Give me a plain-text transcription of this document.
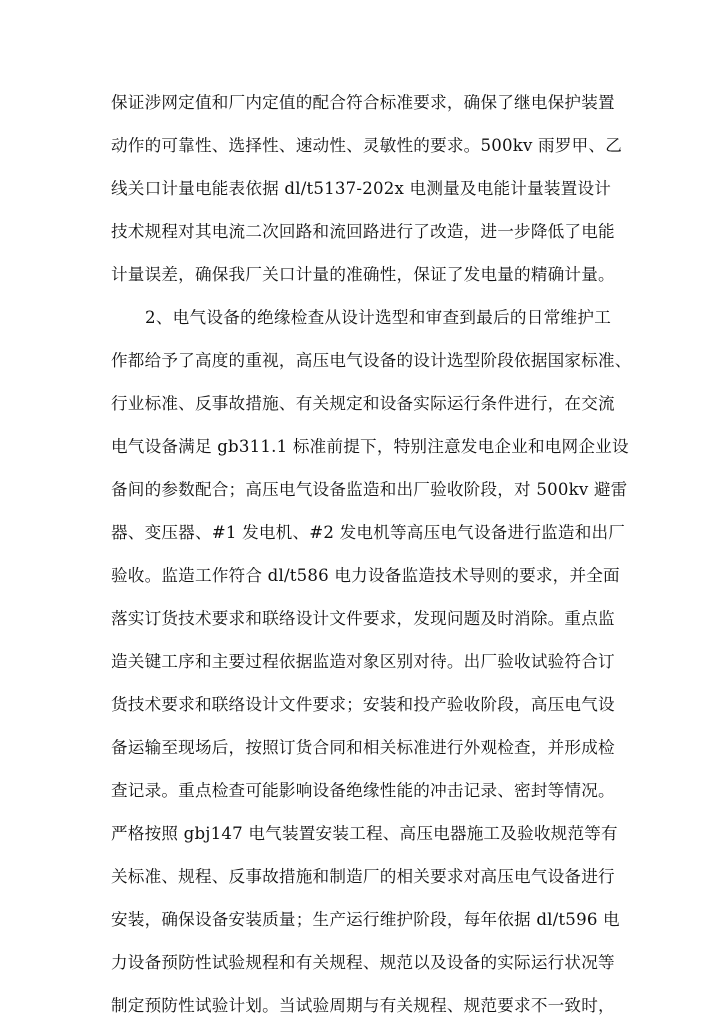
保证涉网定值和厂内定值的配合符合标准要求，确保了继电保护装置
动作的可靠性、选择性、速动性、灵敏性的要求。500kv 雨罗甲、乙
线关口计量电能表依据 dl/t5137-202x 电测量及电能计量装置设计
技术规程对其电流二次回路和流回路进行了改造，进一步降低了电能
计量误差，确保我厂关口计量的准确性，保证了发电量的精确计量。
2、电气设备的绝缘检查从设计选型和审查到最后的日常维护工
作都给予了高度的重视，高压电气设备的设计选型阶段依据国家标准、
行业标准、反事故措施、有关规定和设备实际运行条件进行，在交流
电气设备满足 gb311.1 标准前提下，特别注意发电企业和电网企业设
备间的参数配合；高压电气设备监造和出厂验收阶段，对 500kv 避雷
器、变压器、#1 发电机、#2 发电机等高压电气设备进行监造和出厂
验收。监造工作符合 dl/t586 电力设备监造技术导则的要求，并全面
落实订货技术要求和联络设计文件要求，发现问题及时消除。重点监
造关键工序和主要过程依据监造对象区别对待。出厂验收试验符合订
货技术要求和联络设计文件要求；安装和投产验收阶段，高压电气设
备运输至现场后，按照订货合同和相关标准进行外观检查，并形成检
查记录。重点检查可能影响设备绝缘性能的冲击记录、密封等情况。
严格按照 gbj147 电气装置安装工程、高压电器施工及验收规范等有
关标准、规程、反事故措施和制造厂的相关要求对高压电气设备进行
安装，确保设备安装质量；生产运行维护阶段，每年依据 dl/t596 电
力设备预防性试验规程和有关规程、规范以及设备的实际运行状况等
制定预防性试验计划。当试验周期与有关规程、规范要求不一致时，
